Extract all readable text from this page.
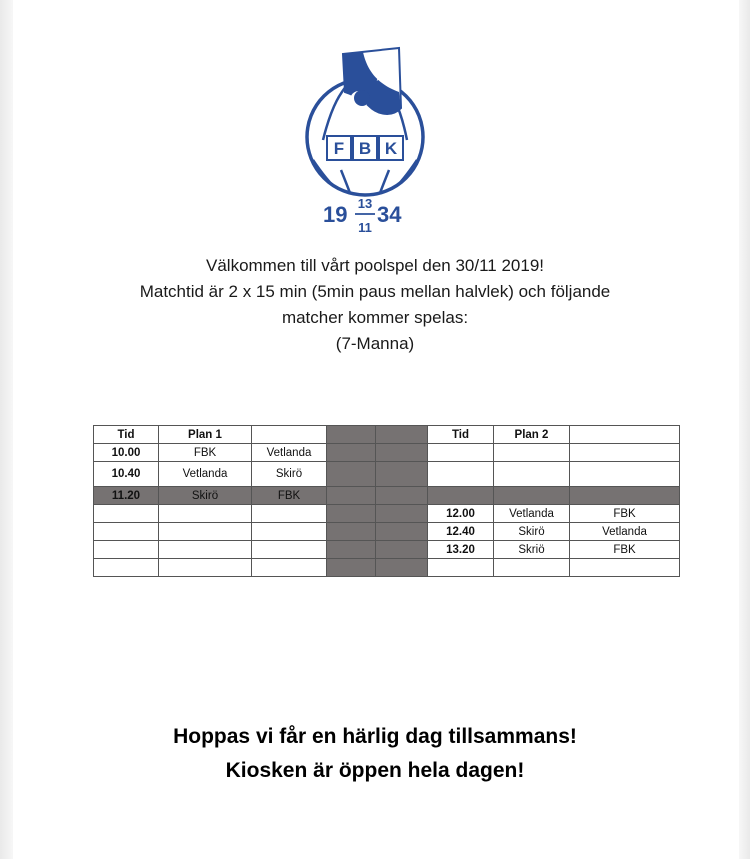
F B K
19 13
11
34
Välkommen till vårt poolspel den 30/11 2019!
Matchtid är 2 x 15 min (5min paus mellan halvlek) och följande
matcher kommer spelas:
(7-Manna)
Tid	Plan 1				Tid	Plan 2	
10.00	FBK	Vetlanda					
10.40	Vetlanda	Skirö					
11.20	Skirö	FBK					
					12.00	Vetlanda	FBK
					12.40	Skirö	Vetlanda
					13.20	Skriö	FBK

Hoppas vi får en härlig dag tillsammans!
Kiosken är öppen hela dagen!
